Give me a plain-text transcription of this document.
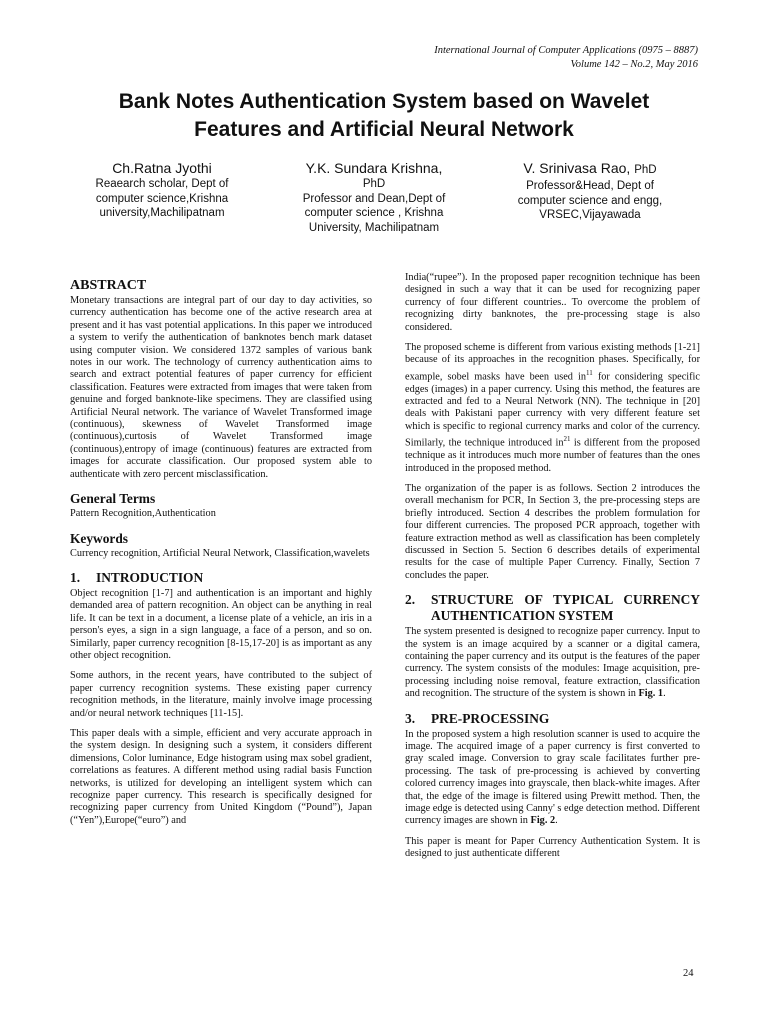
International Journal of Computer Applications (0975 – 8887)
Volume 142 – No.2, May 2016
Bank Notes Authentication System based on Wavelet
Features and Artificial Neural Network
Ch.Ratna Jyothi
Reaearch scholar, Dept of
computer science,Krishna
university,Machilipatnam
Y.K. Sundara Krishna,
PhD
Professor and Dean,Dept of
computer science , Krishna
University, Machilipatnam
V. Srinivasa Rao, PhD
Professor&Head, Dept of
computer science and engg,
VRSEC,Vijayawada
ABSTRACT

Monetary transactions are integral part of our day to day activities, so currency authentication has become one of the active research area at present and it has vast potential applications. In this paper we introduced a system to verify the authentication of banknotes bench mark dataset using computer vision. We considered 1372 samples of various bank notes in our work. The technology of currency authentication aims to search and extract potential features of paper currency for efficient classification. Features were extracted from images that were taken from genuine and forged banknote-like specimens. They are classified using Artificial Neural network. The variance of Wavelet Transformed image (continuous), skewness of Wavelet Transformed image (continuous),curtosis of Wavelet Transformed image (continuous),entropy of image (continuous) features are extracted from images for accurate classification. Our proposed system able to authenticate with zero percent misclassification.

General Terms

Pattern Recognition,Authentication

Keywords

Currency recognition, Artificial Neural Network, Classification,wavelets

1.	INTRODUCTION

Object recognition [1-7] and authentication is an important and highly demanded area of pattern recognition. An object can be anything in real life. It can be text in a document, a license plate of a vehicle, an iris in a person's eyes, a sign in a sign language, a face of a person, and so on. Similarly, paper currency recognition [8-15,17-20] is as important as any other object recognition.

Some authors, in the recent years, have contributed to the subject of paper currency recognition systems. These existing paper currency recognition methods, in the literature, mainly involve image processing and/or neural network techniques [11-15].

This paper deals with a simple, efficient and very accurate approach in the system design. In designing such a system, it considers different dimensions, Color luminance, Edge histogram using max sobel gradient, correlations as features. A different method using radial basis Function networks, is utilized for developing an intelligent system which can recognize paper currency. This research is specifically designed for recognizing paper currency from United Kingdom (“Pound”), Japan (“Yen”),Europe(“euro”) and

India(“rupee”). In the proposed paper recognition technique has been designed in such a way that it can be used for recognizing paper currency of four different countries.. To overcome the problem of recognizing dirty banknotes, the pre-processing stage is also considered.

The proposed scheme is different from various existing methods [1-21] because of its approaches in the recognition phases. Specifically, for example, sobel masks have been used $in^{11}$ for considering specific edges (images) in a paper currency. Using this method, the features are extracted and fed to a Neural Network (NN). The technique in [20] deals with Pakistani paper currency with very different feature set which is specific to regional currency marks and color of the currency. Similarly, the technique introduced $in^{21}$ is different from the proposed technique as it introduces much more number of features than the ones introduced in the proposed method.

The organization of the paper is as follows. Section 2 introduces the overall mechanism for PCR, In Section 3, the pre-processing steps are briefly introduced. Section 4 describes the problem formulation for four different currencies. The proposed PCR approach, together with feature extraction method as well as classification has been completely discussed in Section 5. Section 6 describes details of experimental results for the case of multiple Paper Currency. Finally, Section 7 concludes the paper.

2.	STRUCTURE OF TYPICAL CURRENCY AUTHENTICATION SYSTEM

The system presented is designed to recognize paper currency. Input to the system is an image acquired by a scanner or a digital camera, containing the paper currency and its output is the features of the paper currency. The system consists of the modules: Image acquisition, pre-processing including noise removal, feature extraction, classification and recognition. The structure of the system is shown in Fig. 1.

3.	PRE-PROCESSING

In the proposed system a high resolution scanner is used to acquire the image. The acquired image of a paper currency is first converted to gray scaled image. Conversion to gray scale facilitates further pre-processing. The task of pre-processing is achieved by converting colored currency images into grayscale, then black-white images. After that, the edge of the image is filtered using Prewitt method. Then, the image edge is detected using Canny' s edge detection method. Different currency images are shown in Fig. 2.

This paper is meant for Paper Currency Authentication System. It is designed to just authenticate different

24
